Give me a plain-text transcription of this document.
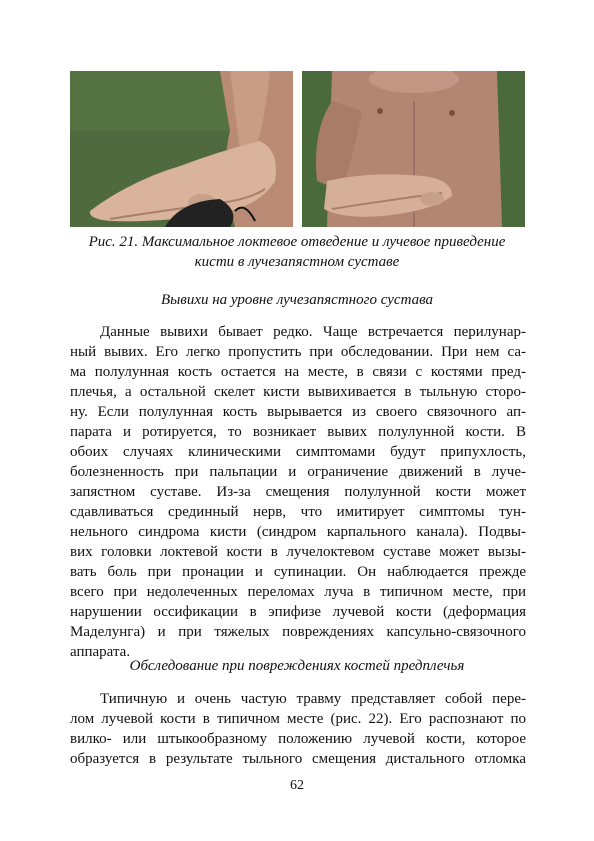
Рис. 21. Максимальное локтевое отведение и лучевое приведение
кисти в лучезапястном суставе
Вывихи на уровне лучезапястного сустава
Данные вывихи бывает редко. Чаще встречается перилунар-
ный вывих. Его легко пропустить при обследовании. При нем са-
ма полулунная кость остается на месте, в связи с костями пред-
плечья, а остальной скелет кисти вывихивается в тыльную сторо-
ну. Если полулунная кость вырывается из своего связочного ап-
парата и ротируется, то возникает вывих полулунной кости. В
обоих случаях клиническими симптомами будут припухлость,
болезненность при пальпации и ограничение движений в луче-
запястном суставе. Из-за смещения полулунной кости может
сдавливаться срединный нерв, что имитирует симптомы тун-
нельного синдрома кисти (синдром карпального канала). Подвы-
вих головки локтевой кости в лучелоктевом суставе может вызы-
вать боль при пронации и супинации. Он наблюдается прежде
всего при недолеченных переломах луча в типичном месте, при
нарушении оссификации в эпифизе лучевой кости (деформация
Маделунга) и при тяжелых повреждениях капсульно-связочного
аппарата.
Обследование при повреждениях костей предплечья
Типичную и очень частую травму представляет собой пере-
лом лучевой кости в типичном месте (рис. 22). Его распознают по
вилко- или штыкообразному положению лучевой кости, которое
образуется в результате тыльного смещения дистального отломка
62
